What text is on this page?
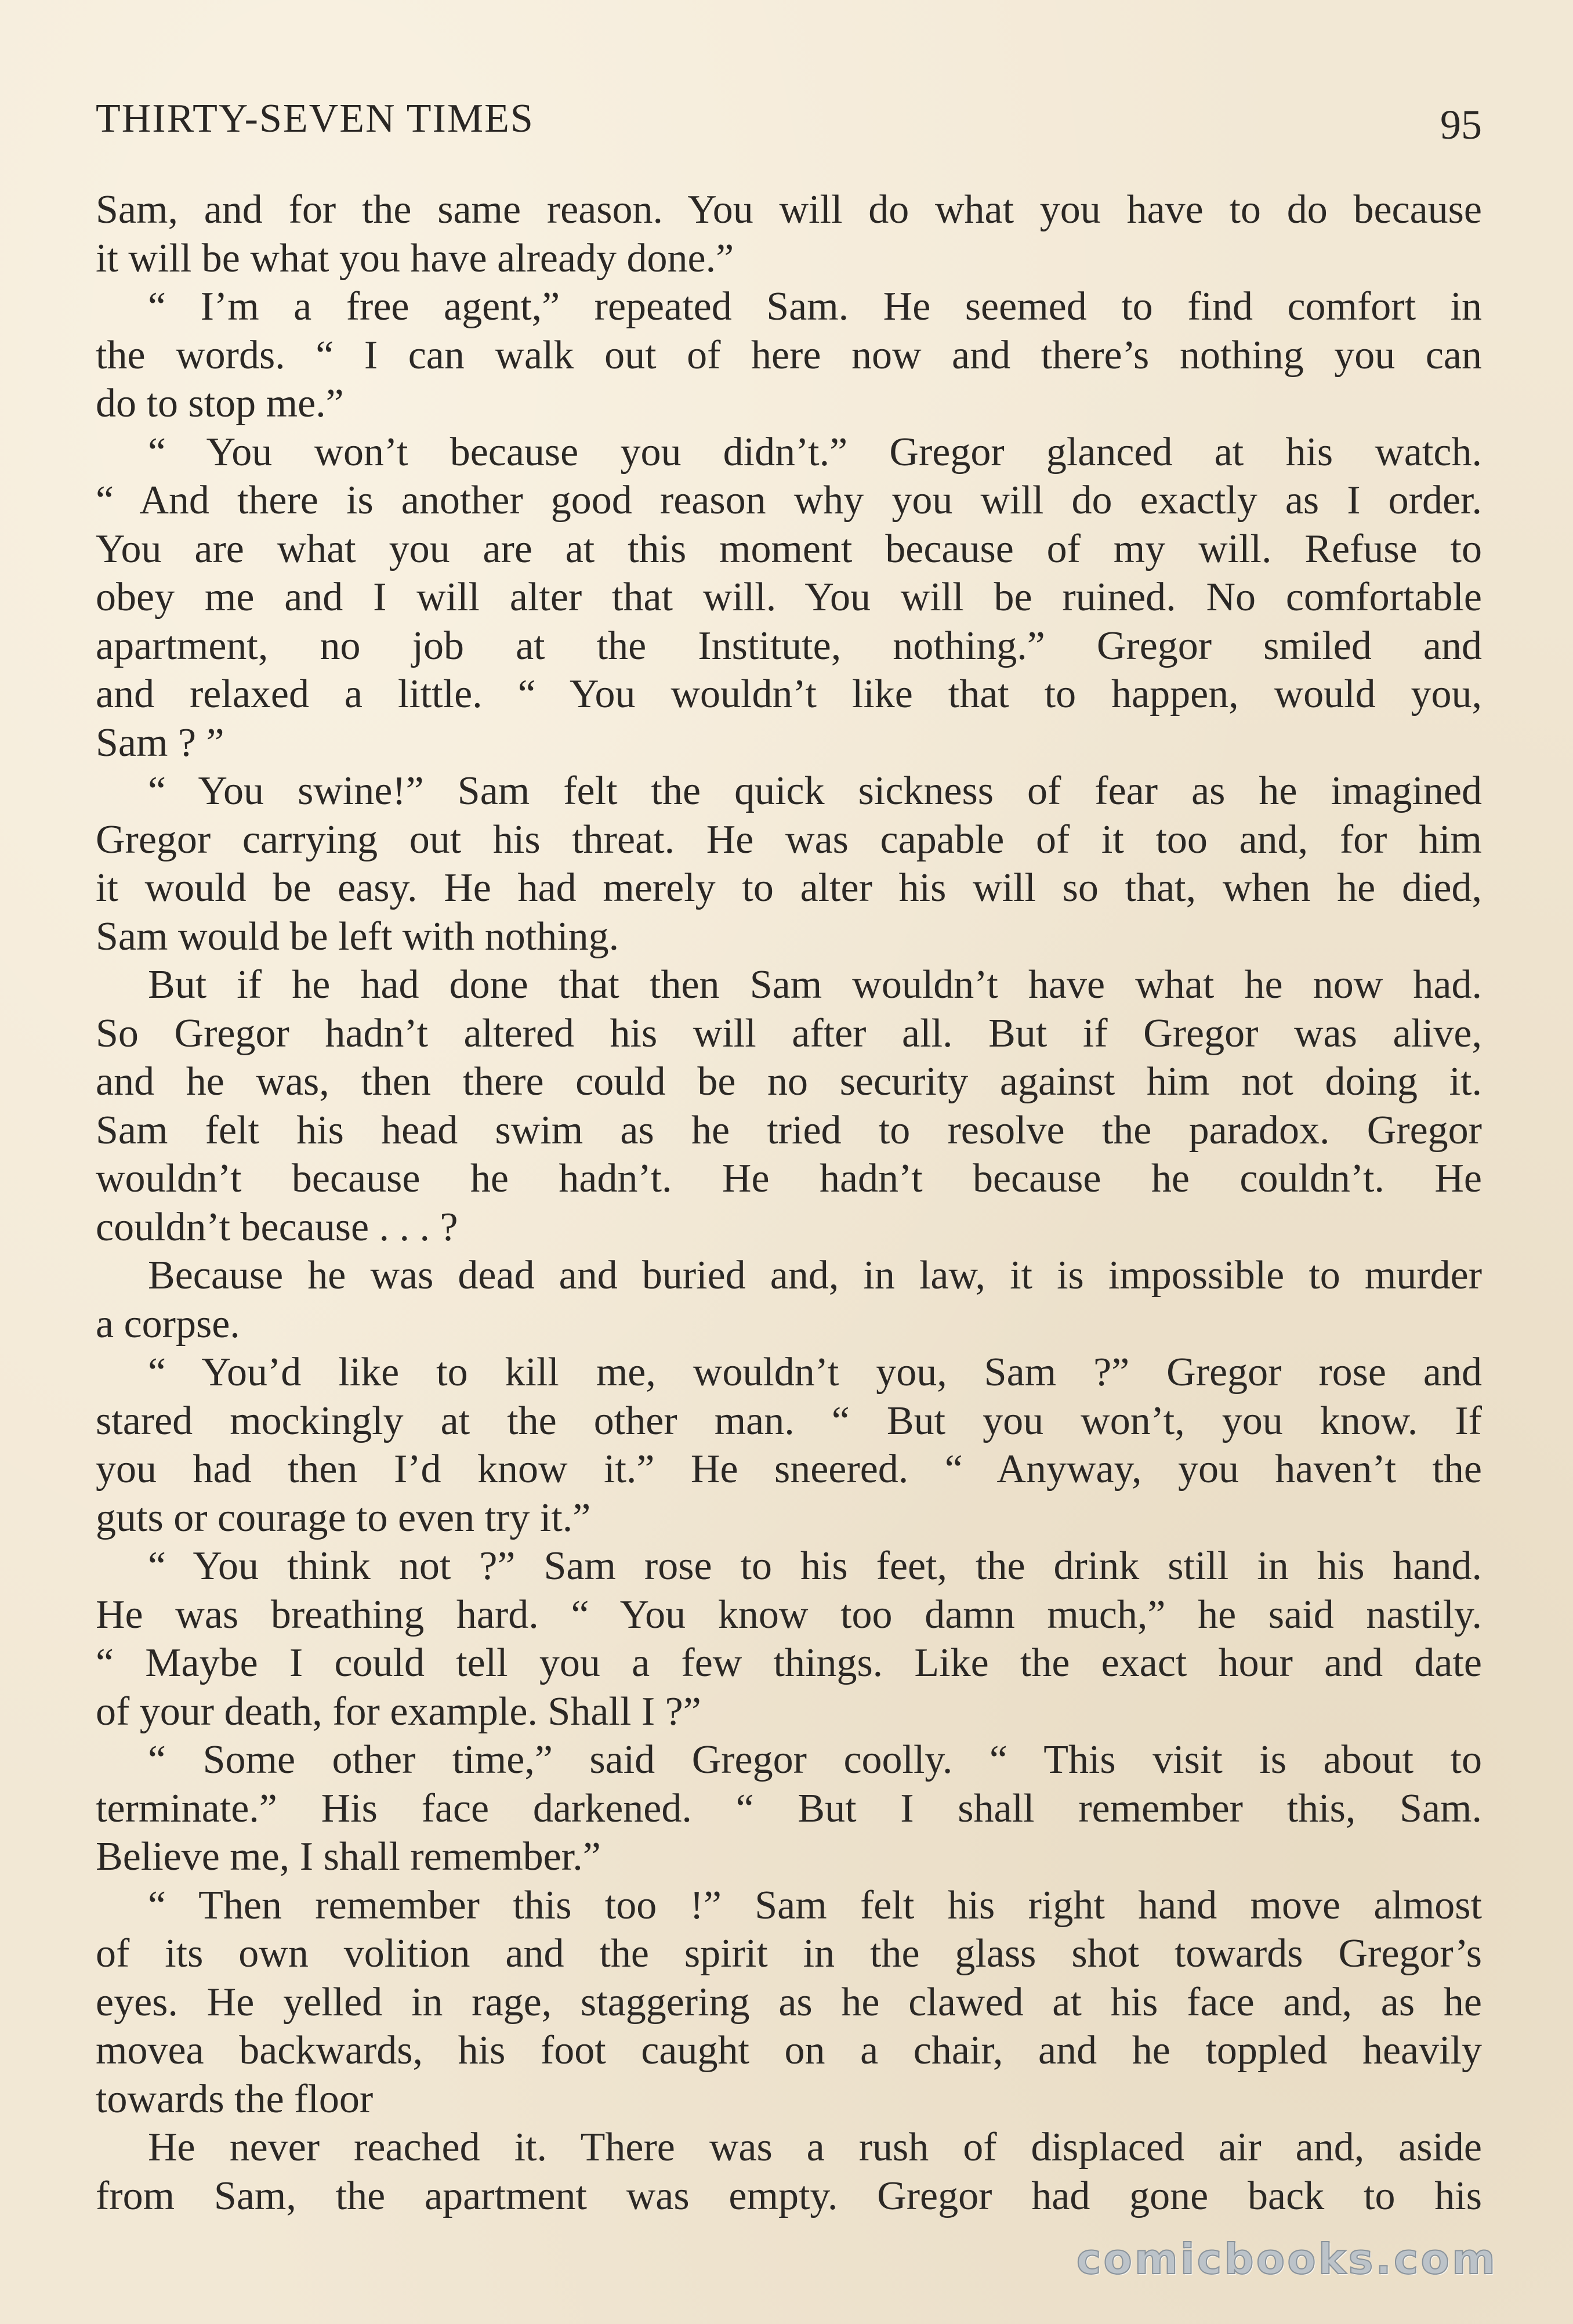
THIRTY-SEVEN TIMES	95
Sam, and for the same reason. You will do what you have to do because
it will be what you have already done.”
“ I’m a free agent,” repeated Sam. He seemed to find comfort in
the words. “ I can walk out of here now and there’s nothing you can
do to stop me.”
“ You won’t because you didn’t.” Gregor glanced at his watch.
“ And there is another good reason why you will do exactly as I order.
You are what you are at this moment because of my will. Refuse to
obey me and I will alter that will. You will be ruined. No comfortable
apartment, no job at the Institute, nothing.” Gregor smiled and
and relaxed a little. “ You wouldn’t like that to happen, would you,
Sam ? ”
“ You swine!” Sam felt the quick sickness of fear as he imagined
Gregor carrying out his threat. He was capable of it too and, for him
it would be easy. He had merely to alter his will so that, when he died,
Sam would be left with nothing.
But if he had done that then Sam wouldn’t have what he now had.
So Gregor hadn’t altered his will after all. But if Gregor was alive,
and he was, then there could be no security against him not doing it.
Sam felt his head swim as he tried to resolve the paradox. Gregor
wouldn’t because he hadn’t. He hadn’t because he couldn’t. He
couldn’t because . . . ?
Because he was dead and buried and, in law, it is impossible to murder
a corpse.
“ You’d like to kill me, wouldn’t you, Sam ?” Gregor rose and
stared mockingly at the other man. “ But you won’t, you know. If
you had then I’d know it.” He sneered. “ Anyway, you haven’t the
guts or courage to even try it.”
“ You think not ?” Sam rose to his feet, the drink still in his hand.
He was breathing hard. “ You know too damn much,” he said nastily.
“ Maybe I could tell you a few things. Like the exact hour and date
of your death, for example. Shall I ?”
“ Some other time,” said Gregor coolly. “ This visit is about to
terminate.” His face darkened. “ But I shall remember this, Sam.
Believe me, I shall remember.”
“ Then remember this too !” Sam felt his right hand move almost
of its own volition and the spirit in the glass shot towards Gregor’s
eyes. He yelled in rage, staggering as he clawed at his face and, as he
movea backwards, his foot caught on a chair, and he toppled heavily
towards the floor
He never reached it. There was a rush of displaced air and, aside
from Sam, the apartment was empty. Gregor had gone back to his
comicbooks.com
